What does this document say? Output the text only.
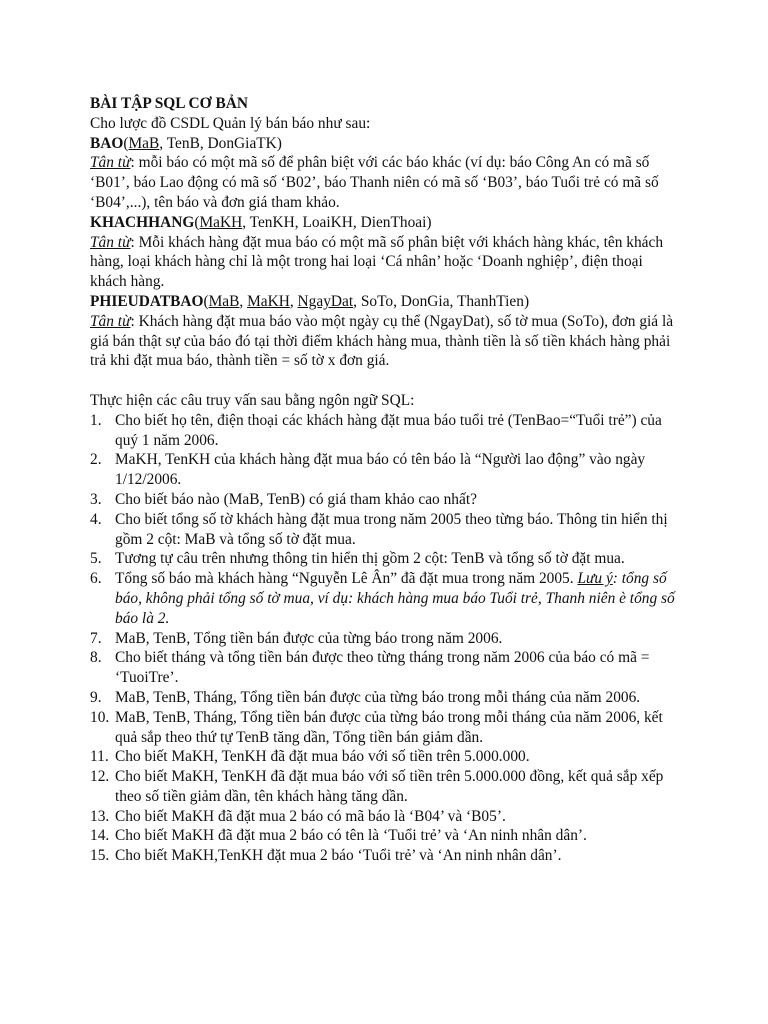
BÀI TẬP SQL CƠ BẢN

Cho lược đồ CSDL Quản lý bán báo như sau:

BAO(MaB, TenB, DonGiaTK)

Tân từ: mỗi báo có một mã số để phân biệt với các báo khác (ví dụ: báo Công An có mã số ‘B01’, báo Lao động có mã số ‘B02’, báo Thanh niên có mã số ‘B03’, báo Tuổi trẻ có mã số ‘B04’,...), tên báo và đơn giá tham khảo.

KHACHHANG(MaKH, TenKH, LoaiKH, DienThoai)

Tân từ: Mỗi khách hàng đặt mua báo có một mã số phân biệt với khách hàng khác, tên khách hàng, loại khách hàng chỉ là một trong hai loại ‘Cá nhân’ hoặc ‘Doanh nghiệp’, điện thoại khách hàng.

PHIEUDATBAO(MaB, MaKH, NgayDat, SoTo, DonGia, ThanhTien)

Tân từ: Khách hàng đặt mua báo vào một ngày cụ thể (NgayDat), số tờ mua (SoTo), đơn giá là giá bán thật sự của báo đó tại thời điểm khách hàng mua, thành tiền là số tiền khách hàng phải trả khi đặt mua báo, thành tiền = số tờ x đơn giá.

Thực hiện các câu truy vấn sau bằng ngôn ngữ SQL:

1. Cho biết họ tên, điện thoại các khách hàng đặt mua báo tuổi trẻ (TenBao=“Tuổi trẻ”) của quý 1 năm 2006.
2. MaKH, TenKH của khách hàng đặt mua báo có tên báo là “Người lao động” vào ngày 1/12/2006.
3. Cho biết báo nào (MaB, TenB) có giá tham khảo cao nhất?
4. Cho biết tổng số tờ khách hàng đặt mua trong năm 2005 theo từng báo. Thông tin hiển thị gồm 2 cột: MaB và tổng số tờ đặt mua.
5. Tương tự câu trên nhưng thông tin hiển thị gồm 2 cột: TenB và tổng số tờ đặt mua.
6. Tổng số báo mà khách hàng “Nguyễn Lê Ân” đã đặt mua trong năm 2005. Lưu ý: tổng số báo, không phải tổng số tờ mua, ví dụ: khách hàng mua báo Tuổi trẻ, Thanh niên è tổng số báo là 2.
7. MaB, TenB, Tổng tiền bán được của từng báo trong năm 2006.
8. Cho biết tháng và tổng tiền bán được theo từng tháng trong năm 2006 của báo có mã = ‘TuoiTre’.
9. MaB, TenB, Tháng, Tổng tiền bán được của từng báo trong mỗi tháng của năm 2006.
10. MaB, TenB, Tháng, Tổng tiền bán được của từng báo trong mỗi tháng của năm 2006, kết quả sắp theo thứ tự TenB tăng dần, Tổng tiền bán giảm dần.
11. Cho biết MaKH, TenKH đã đặt mua báo với số tiền trên 5.000.000.
12. Cho biết MaKH, TenKH đã đặt mua báo với số tiền trên 5.000.000 đồng, kết quả sắp xếp theo số tiền giảm dần, tên khách hàng tăng dần.
13. Cho biết MaKH đã đặt mua 2 báo có mã báo là ‘B04’ và ‘B05’.
14. Cho biết MaKH đã đặt mua 2 báo có tên là ‘Tuổi trẻ’ và ‘An ninh nhân dân’.
15. Cho biết MaKH,TenKH đặt mua 2 báo ‘Tuổi trẻ’ và ‘An ninh nhân dân’.
